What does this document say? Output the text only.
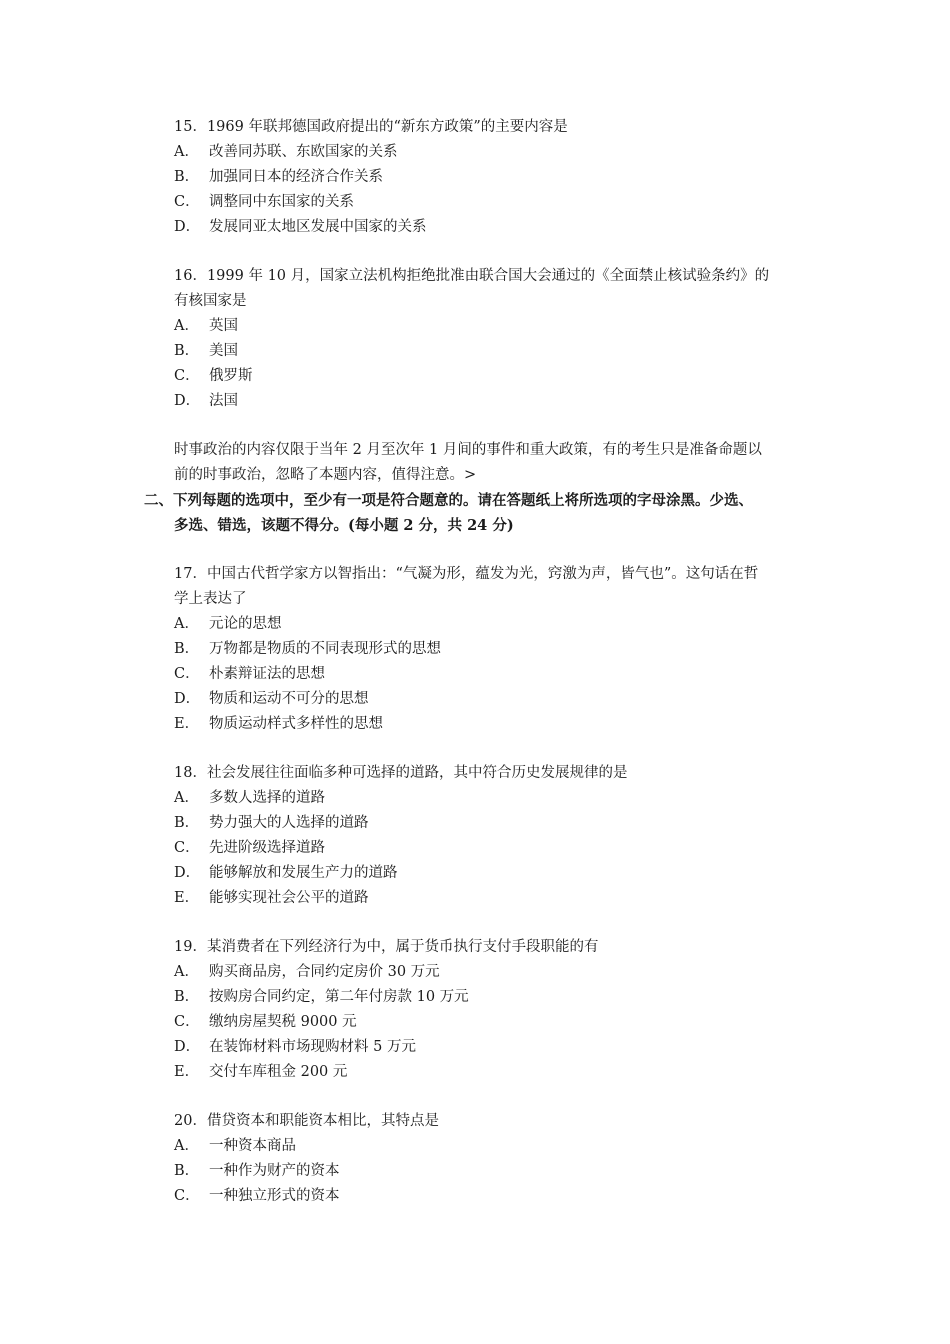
15．1969 年联邦德国政府提出的“新东方政策”的主要内容是
A． 改善同苏联、东欧国家的关系
B． 加强同日本的经济合作关系
C． 调整同中东国家的关系
D． 发展同亚太地区发展中国家的关系
16．1999 年 10 月，国家立法机构拒绝批准由联合国大会通过的《全面禁止核试验条约》的
有核国家是
A． 英国
B． 美国
C． 俄罗斯
D． 法国
时事政治的内容仅限于当年 2 月至次年 1 月间的事件和重大政策，有的考生只是准备命题以
前的时事政治，忽略了本题内容，值得注意。>
二、下列每题的选项中，至少有一项是符合题意的。请在答题纸上将所选项的字母涂黑。少选、
多选、错选，该题不得分。(每小题 2 分，共 24 分)
17．中国古代哲学家方以智指出：“气凝为形，蕴发为光，窍激为声，皆气也”。这句话在哲
学上表达了
A． 元论的思想
B． 万物都是物质的不同表现形式的思想
C． 朴素辩证法的思想
D． 物质和运动不可分的思想
E． 物质运动样式多样性的思想
18．社会发展往往面临多种可选择的道路，其中符合历史发展规律的是
A． 多数人选择的道路
B． 势力强大的人选择的道路
C． 先进阶级选择道路
D． 能够解放和发展生产力的道路
E． 能够实现社会公平的道路
19．某消费者在下列经济行为中，属于货币执行支付手段职能的有
A． 购买商品房，合同约定房价 30 万元
B． 按购房合同约定，第二年付房款 10 万元
C． 缴纳房屋契税 9000 元
D． 在装饰材料市场现购材料 5 万元
E． 交付车库租金 200 元
20．借贷资本和职能资本相比，其特点是
A． 一种资本商品
B． 一种作为财产的资本
C． 一种独立形式的资本
